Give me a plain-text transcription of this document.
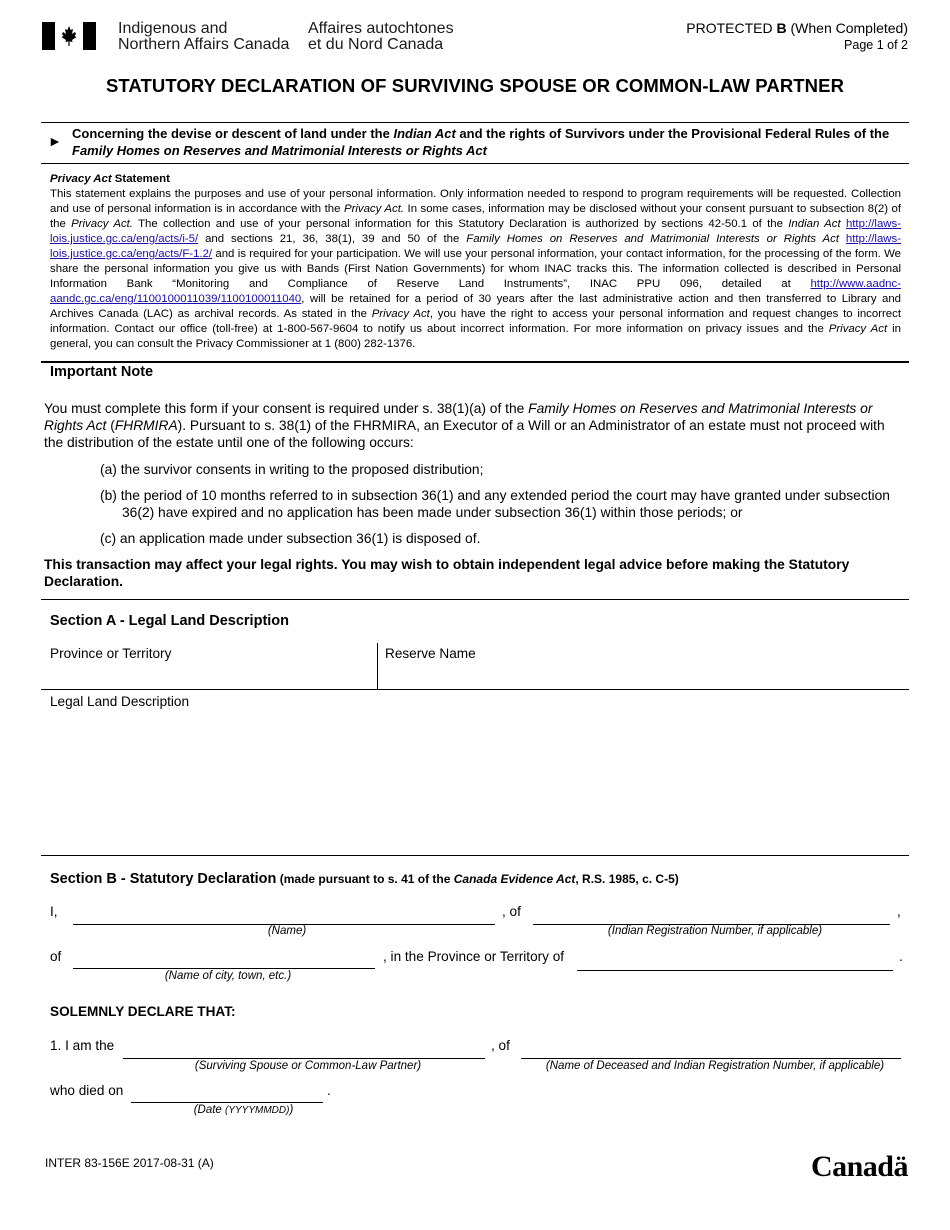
Indigenous and
Northern Affairs Canada
Affaires autochtones
et du Nord Canada
PROTECTED B (When Completed)
Page 1 of 2
STATUTORY DECLARATION OF SURVIVING SPOUSE OR COMMON-LAW PARTNER
► Concerning the devise or descent of land under the Indian Act and the rights of Survivors under the Provisional Federal Rules of the Family Homes on Reserves and Matrimonial Interests or Rights Act
Privacy Act Statement
This statement explains the purposes and use of your personal information. Only information needed to respond to program requirements will be requested. Collection and use of personal information is in accordance with the Privacy Act. In some cases, information may be disclosed without your consent pursuant to subsection 8(2) of the Privacy Act. The collection and use of your personal information for this Statutory Declaration is authorized by sections 42-50.1 of the Indian Act http://laws-lois.justice.gc.ca/eng/acts/i-5/ and sections 21, 36, 38(1), 39 and 50 of the Family Homes on Reserves and Matrimonial Interests or Rights Act http://laws-lois.justice.gc.ca/eng/acts/F-1.2/ and is required for your participation. We will use your personal information, your contact information, for the processing of the form. We share the personal information you give us with Bands (First Nation Governments) for whom INAC tracks this. The information collected is described in Personal Information Bank “Monitoring and Compliance of Reserve Land Instruments”, INAC PPU 096, detailed at http://www.aadnc-aandc.gc.ca/eng/1100100011039/1100100011040, will be retained for a period of 30 years after the last administrative action and then transferred to Library and Archives Canada (LAC) as archival records. As stated in the Privacy Act, you have the right to access your personal information and request changes to incorrect information. Contact our office (toll-free) at 1-800-567-9604 to notify us about incorrect information. For more information on privacy issues and the Privacy Act in general, you can consult the Privacy Commissioner at 1 (800) 282-1376.
Important Note
You must complete this form if your consent is required under s. 38(1)(a) of the Family Homes on Reserves and Matrimonial Interests or Rights Act (FHRMIRA). Pursuant to s. 38(1) of the FHRMIRA, an Executor of a Will or an Administrator of an estate must not proceed with the distribution of the estate until one of the following occurs:
(a) the survivor consents in writing to the proposed distribution;
(b) the period of 10 months referred to in subsection 36(1) and any extended period the court may have granted under subsection
36(2) have expired and no application has been made under subsection 36(1) within those periods; or
(c) an application made under subsection 36(1) is disposed of.
This transaction may affect your legal rights. You may wish to obtain independent legal advice before making the Statutory Declaration.
Section A - Legal Land Description
Province or Territory	Reserve Name
Legal Land Description
Section B - Statutory Declaration (made pursuant to s. 41 of the Canada Evidence Act, R.S. 1985, c. C-5)
I,	, of	,
(Name)	(Indian Registration Number, if applicable)
of	, in the Province or Territory of	.
(Name of city, town, etc.)
SOLEMNLY DECLARE THAT:
1. I am the	, of
(Surviving Spouse or Common-Law Partner)	(Name of Deceased and Indian Registration Number, if applicable)
who died on	.
(Date (YYYYMMDD))
INTER 83-156E 2017-08-31 (A)	Canadä
